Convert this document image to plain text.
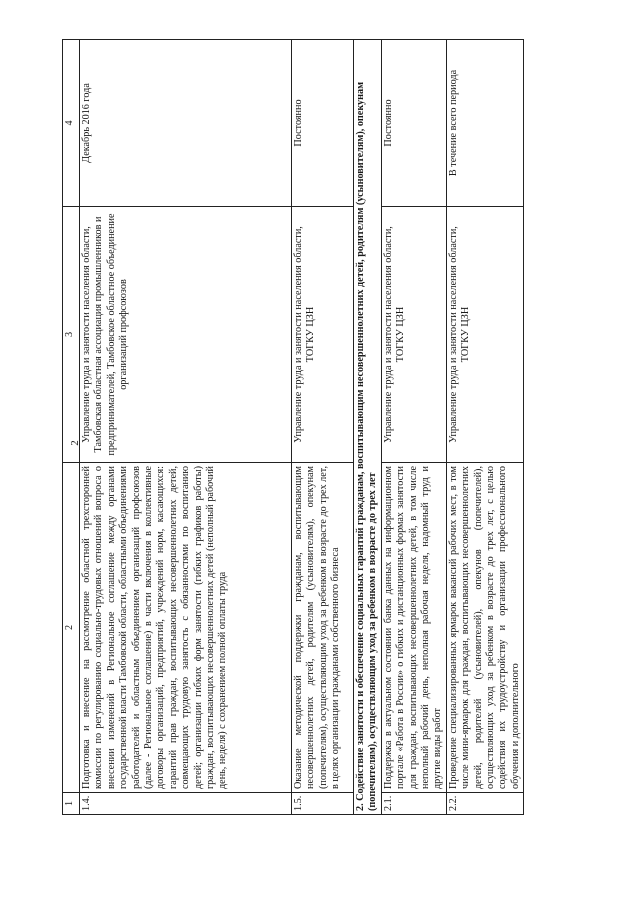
2
1	2	3	4
1.4.	Подготовка и внесение на рассмотрение областной трехсторонней комиссии по регулированию социально-трудовых отношений вопроса о внесении изменений в Региональное соглашение между органами государственной власти Тамбовской области, областными объединениями работодателей и областным объединением организаций профсоюзов (далее - Региональное соглашение) в части включения в коллективные договоры организаций, предприятий, учреждений норм, касающихся: гарантий прав граждан, воспитывающих несовершеннолетних детей, совмещающих трудовую занятость с обязанностями по воспитанию детей; организации гибких форм занятости (гибких графиков работы) граждан, воспитывающих несовершеннолетних детей (неполный рабочий день, неделя) с сохранением полной оплаты труда	Управление труда и занятости населения области, Тамбовская областная ассоциация промышленников и предпринимателей, Тамбовское областное объединение организаций профсоюзов	Декабрь 2016 года
1.5.	Оказание методической поддержки гражданам, воспитывающим несовершеннолетних детей, родителям (усыновителям), опекунам (попечителям), осуществляющим уход за ребенком в возрасте до трех лет, в целях организации гражданами собственного бизнеса	Управление труда и занятости населения области, ТОГКУ ЦЗН	Постоянно
2. Содействие занятости и обеспечение социальных гарантий гражданам, воспитывающим несовершеннолетних детей, родителям (усыновителям), опекунам (попечителям), осуществляющим уход за ребенком в возрасте до трех лет			
2.1.	Поддержка в актуальном состоянии банка данных на информационном портале «Работа в России» о гибких и дистанционных формах занятости для граждан, воспитывающих несовершеннолетних детей, в том числе неполный рабочий день, неполная рабочая неделя, надомный труд и другие виды работ	Управление труда и занятости населения области, ТОГКУ ЦЗН	Постоянно
2.2.	Проведение специализированных ярмарок вакансий рабочих мест, в том числе мини-ярмарок для граждан, воспитывающих несовершеннолетних детей, родителей (усыновителей), опекунов (попечителей), осуществляющих уход за ребенком в возрасте до трех лет, с целью содействия их трудоустройству и организации профессионального обучения и дополнительного	Управление труда и занятости населения области, ТОГКУ ЦЗН	В течение всего периода
